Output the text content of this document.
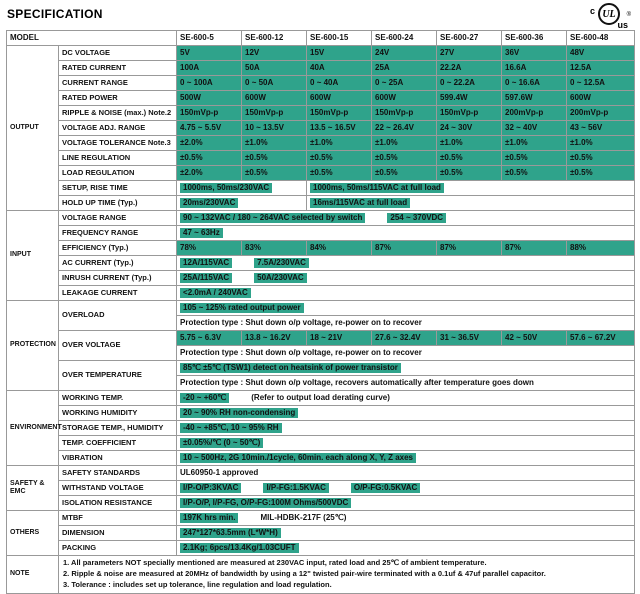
SPECIFICATION	c UL
us
®
MODEL		SE-600-5	SE-600-12	SE-600-15	SE-600-24	SE-600-27	SE-600-36	SE-600-48
OUTPUT	DC VOLTAGE	5V	12V	15V	24V	27V	36V	48V
	RATED CURRENT	100A	50A	40A	25A	22.2A	16.6A	12.5A
	CURRENT RANGE	0 ~ 100A	0 ~ 50A	0 ~ 40A	0 ~ 25A	0 ~ 22.2A	0 ~ 16.6A	0 ~ 12.5A
	RATED POWER	500W	600W	600W	600W	599.4W	597.6W	600W
	RIPPLE & NOISE (max.) Note.2	150mVp-p	150mVp-p	150mVp-p	150mVp-p	150mVp-p	200mVp-p	200mVp-p
	VOLTAGE ADJ. RANGE	4.75 ~ 5.5V	10 ~ 13.5V	13.5 ~ 16.5V	22 ~ 26.4V	24 ~ 30V	32 ~ 40V	43 ~ 56V
	VOLTAGE TOLERANCE Note.3	±2.0%	±1.0%	±1.0%	±1.0%	±1.0%	±1.0%	±1.0%
	LINE REGULATION	±0.5%	±0.5%	±0.5%	±0.5%	±0.5%	±0.5%	±0.5%
	LOAD REGULATION	±2.0%	±0.5%	±0.5%	±0.5%	±0.5%	±0.5%	±0.5%
	SETUP, RISE TIME	1000ms, 50ms/230VAC		1000ms, 50ms/115VAC at full load				
	HOLD UP TIME (Typ.)	20ms/230VAC		16ms/115VAC at full load				
INPUT	VOLTAGE RANGE	90 ~ 132VAC / 180 ~ 264VAC selected by switch 254 ~ 370VDC						
	FREQUENCY RANGE	47 ~ 63Hz						
	EFFICIENCY (Typ.)	78%	83%	84%	87%	87%	87%	88%
	AC CURRENT (Typ.)	12A/115VAC 7.5A/230VAC						
	INRUSH CURRENT (Typ.)	25A/115VAC 50A/230VAC						
	LEAKAGE CURRENT	<2.0mA / 240VAC						
PROTECTION	OVERLOAD	105 ~ 125% rated output power						
		Protection type : Shut down o/p voltage, re-power on to recover						
	OVER VOLTAGE	5.75 ~ 6.3V	13.8 ~ 16.2V	18 ~ 21V	27.6 ~ 32.4V	31 ~ 36.5V	42 ~ 50V	57.6 ~ 67.2V
		Protection type : Shut down o/p voltage, re-power on to recover						
	OVER TEMPERATURE	85℃ ±5℃ (TSW1) detect on heatsink of power transistor						
		Protection type : Shut down o/p voltage, recovers automatically after temperature goes down						
ENVIRONMENT	WORKING TEMP.	-20 ~ +60℃ (Refer to output load derating curve)						
	WORKING HUMIDITY	20 ~ 90% RH non-condensing						
	STORAGE TEMP., HUMIDITY	-40 ~ +85℃, 10 ~ 95% RH						
	TEMP. COEFFICIENT	±0.05%/℃ (0 ~ 50℃)						
	VIBRATION	10 ~ 500Hz, 2G 10min./1cycle, 60min. each along X, Y, Z axes						
SAFETY & EMC	SAFETY STANDARDS	UL60950-1 approved						
	WITHSTAND VOLTAGE	I/P-O/P:3KVAC I/P-FG:1.5KVAC O/P-FG:0.5KVAC						
	ISOLATION RESISTANCE	I/P-O/P, I/P-FG, O/P-FG:100M Ohms/500VDC						
OTHERS	MTBF	197K hrs min. MIL-HDBK-217F (25℃)						
	DIMENSION	247*127*63.5mm (L*W*H)						
	PACKING	2.1Kg; 6pcs/13.4Kg/1.03CUFT						
NOTE	1. All parameters NOT specially mentioned are measured at 230VAC input, rated load and 25℃ of ambient temperature.
2. Ripple & noise are measured at 20MHz of bandwidth by using a 12" twisted pair-wire terminated with a 0.1uf & 47uf parallel capacitor.
3. Tolerance : includes set up tolerance, line regulation and load regulation.							
